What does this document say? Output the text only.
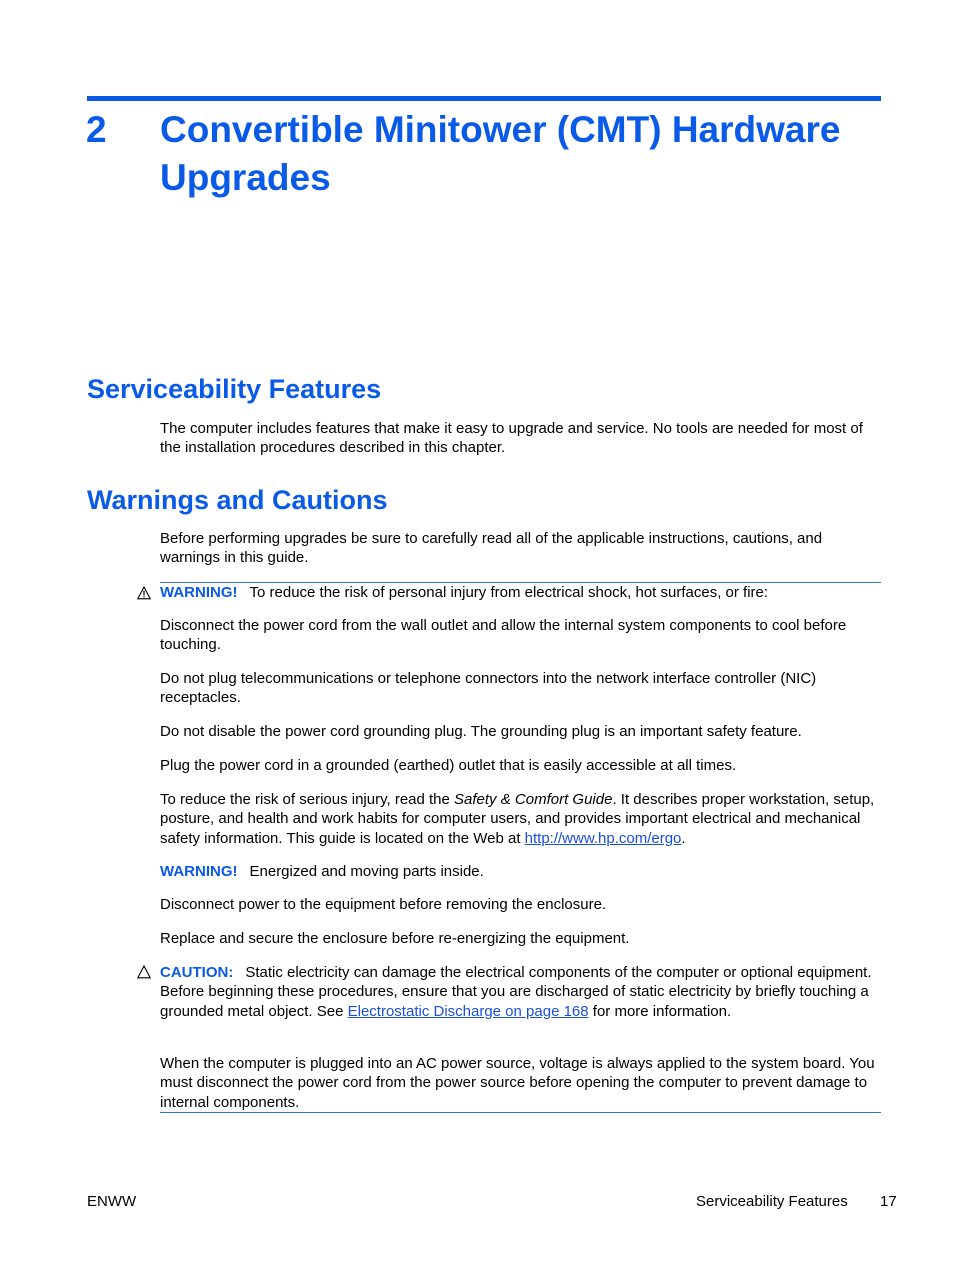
2 Convertible Minitower (CMT) Hardware Upgrades
Serviceability Features

The computer includes features that make it easy to upgrade and service. No tools are needed for most of the installation procedures described in this chapter.

Warnings and Cautions

Before performing upgrades be sure to carefully read all of the applicable instructions, cautions, and warnings in this guide.

WARNING! To reduce the risk of personal injury from electrical shock, hot surfaces, or fire:

Disconnect the power cord from the wall outlet and allow the internal system components to cool before touching.

Do not plug telecommunications or telephone connectors into the network interface controller (NIC) receptacles.

Do not disable the power cord grounding plug. The grounding plug is an important safety feature.

Plug the power cord in a grounded (earthed) outlet that is easily accessible at all times.

To reduce the risk of serious injury, read the Safety & Comfort Guide. It describes proper workstation, setup, posture, and health and work habits for computer users, and provides important electrical and mechanical safety information. This guide is located on the Web at http://www.hp.com/ergo.

WARNING! Energized and moving parts inside.

Disconnect power to the equipment before removing the enclosure.

Replace and secure the enclosure before re-energizing the equipment.

CAUTION: Static electricity can damage the electrical components of the computer or optional equipment. Before beginning these procedures, ensure that you are discharged of static electricity by briefly touching a grounded metal object. See Electrostatic Discharge on page 168 for more information.

When the computer is plugged into an AC power source, voltage is always applied to the system board. You must disconnect the power cord from the power source before opening the computer to prevent damage to internal components.

ENWW	Serviceability Features 17
